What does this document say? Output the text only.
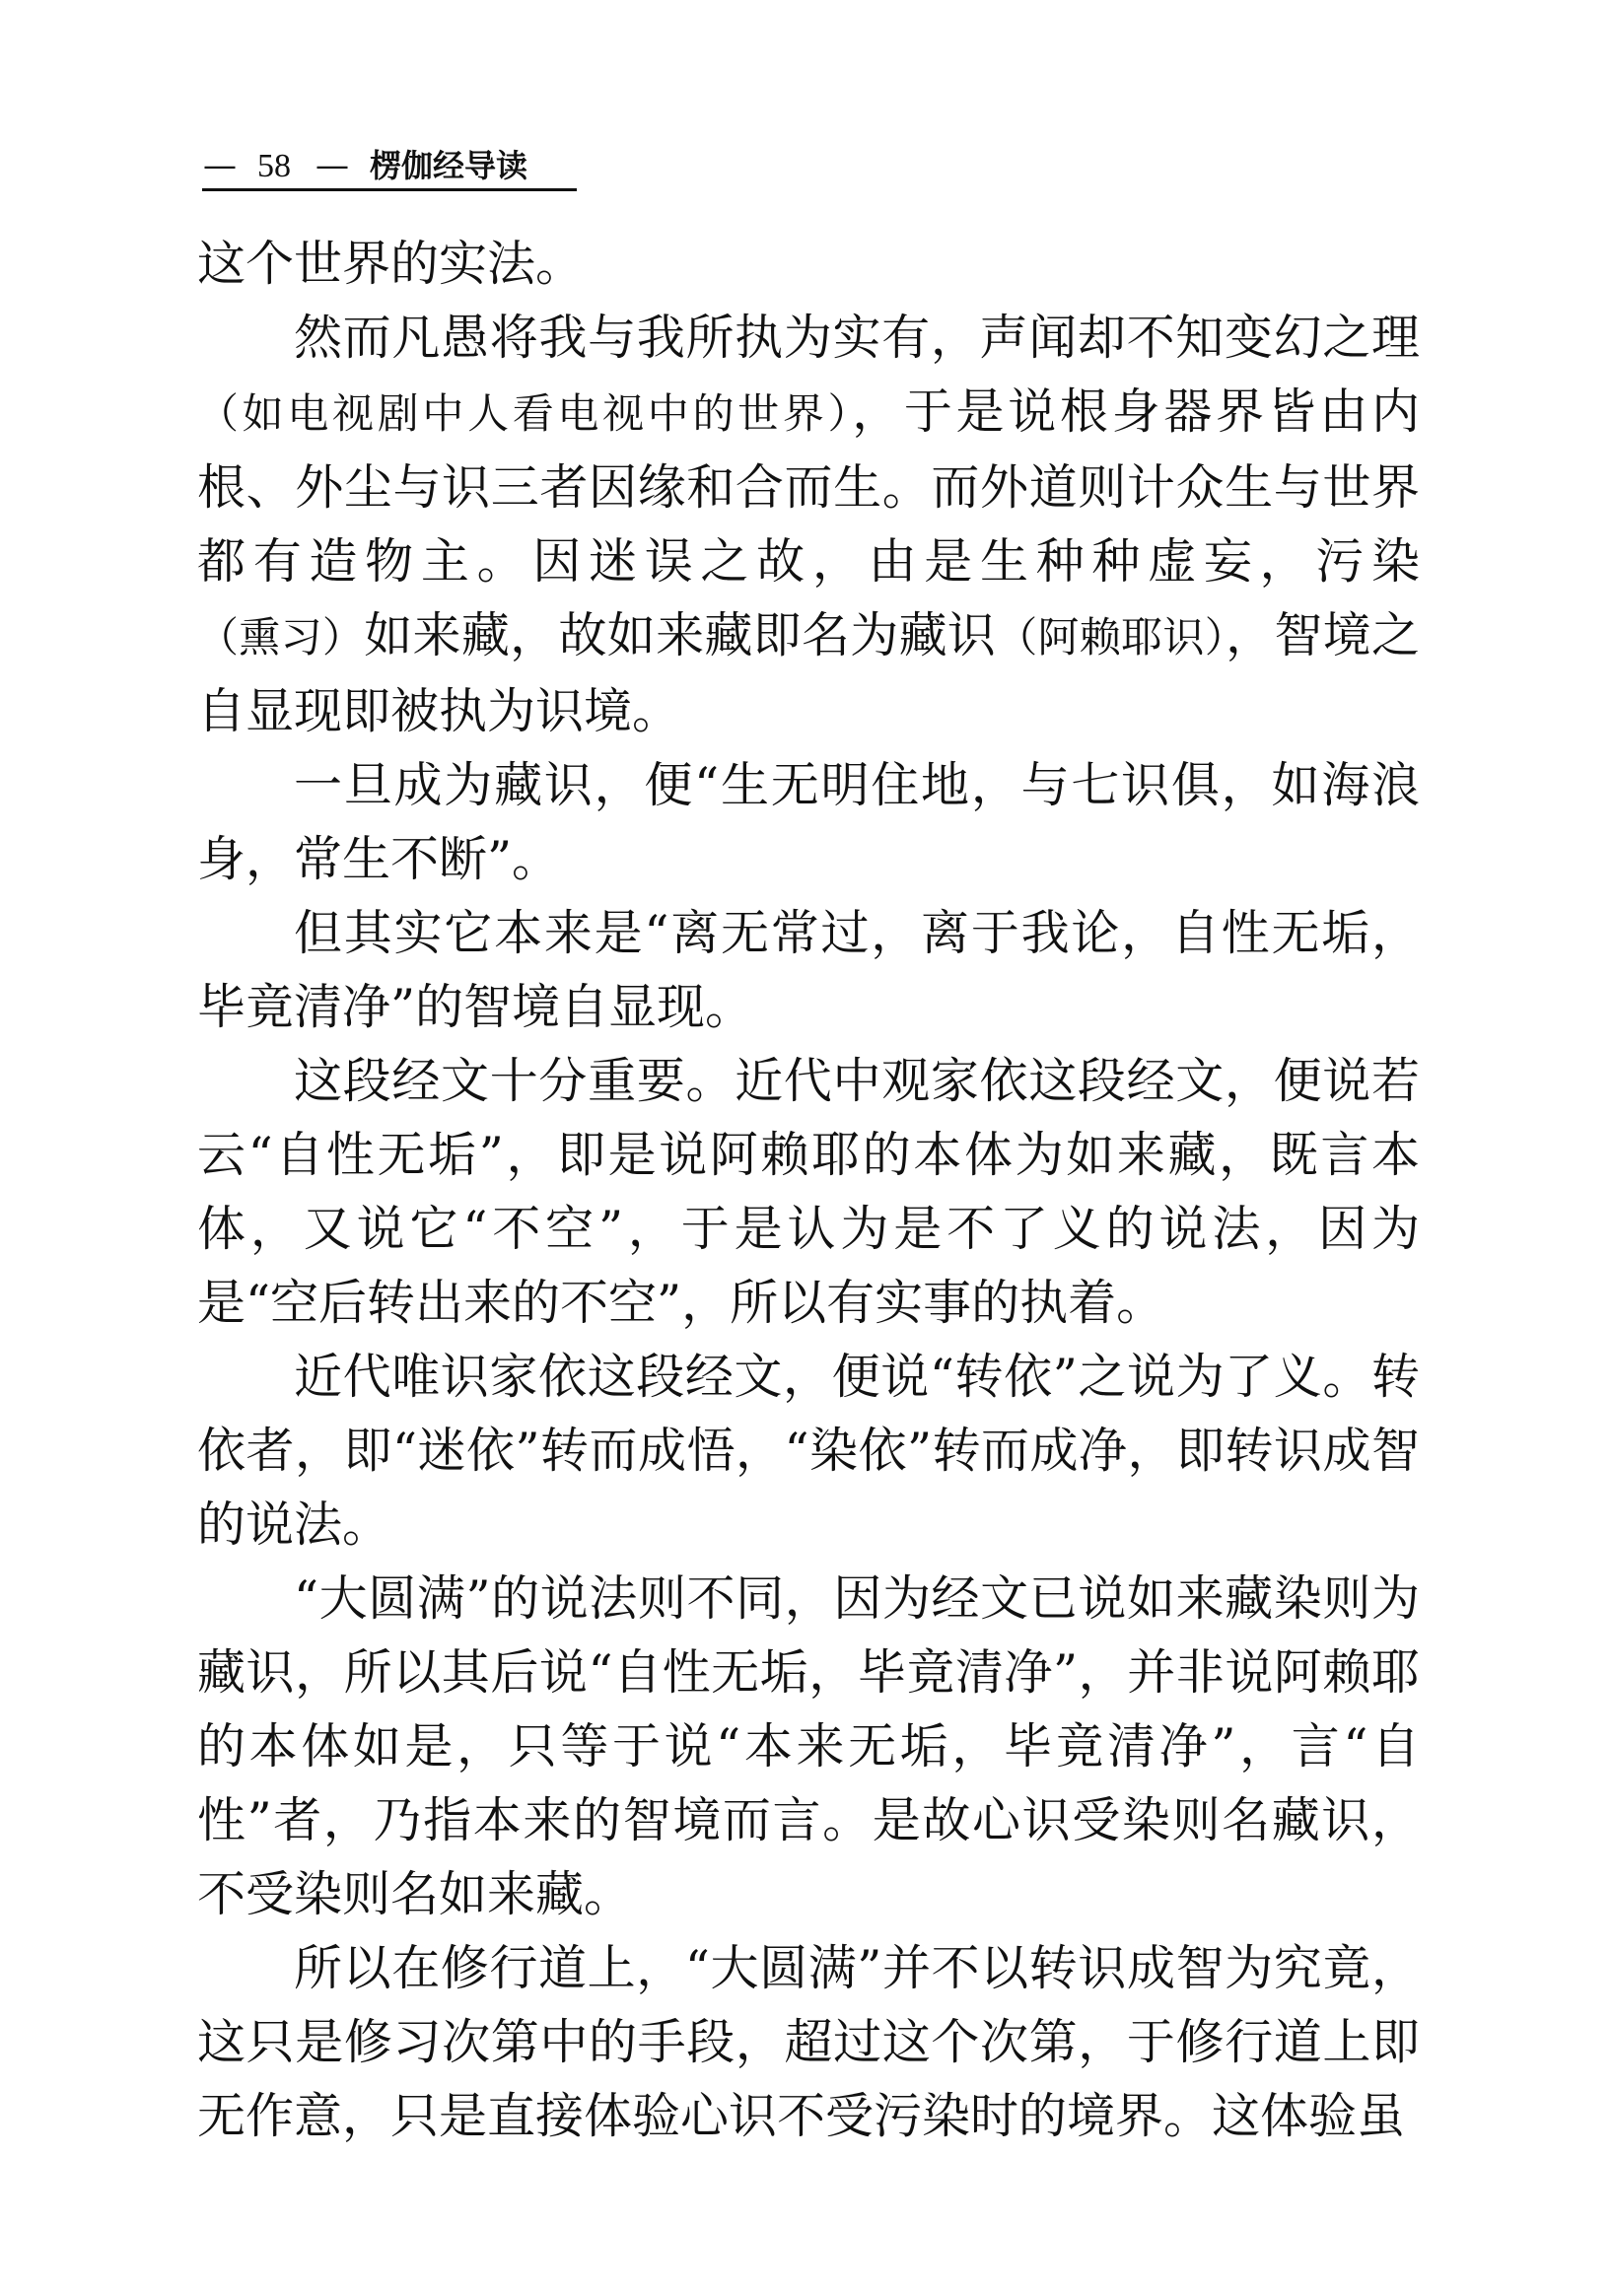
— 58 — 楞伽经导读

这个世界的实法。

然而凡愚将我与我所执为实有，声闻却不知变幻之理（如电视剧中人看电视中的世界），于是说根身器界皆由内根、外尘与识三者因缘和合而生。而外道则计众生与世界都有造物主。因迷误之故，由是生种种虚妄，污染（熏习）如来藏，故如来藏即名为藏识（阿赖耶识），智境之自显现即被执为识境。

一旦成为藏识，便“生无明住地，与七识俱，如海浪身，常生不断”。

但其实它本来是“离无常过，离于我论，自性无垢，毕竟清净”的智境自显现。

这段经文十分重要。近代中观家依这段经文，便说若云“自性无垢”，即是说阿赖耶的本体为如来藏，既言本体，又说它“不空”，于是认为是不了义的说法，因为是“空后转出来的不空”，所以有实事的执着。

近代唯识家依这段经文，便说“转依”之说为了义。转依者，即“迷依”转而成悟，“染依”转而成净，即转识成智的说法。

“大圆满”的说法则不同，因为经文已说如来藏染则为藏识，所以其后说“自性无垢，毕竟清净”，并非说阿赖耶的本体如是，只等于说“本来无垢，毕竟清净”，言“自性”者，乃指本来的智境而言。是故心识受染则名藏识，不受染则名如来藏。

所以在修行道上，“大圆满”并不以转识成智为究竟，这只是修习次第中的手段，超过这个次第，于修行道上即无作意，只是直接体验心识不受污染时的境界。这体验虽
